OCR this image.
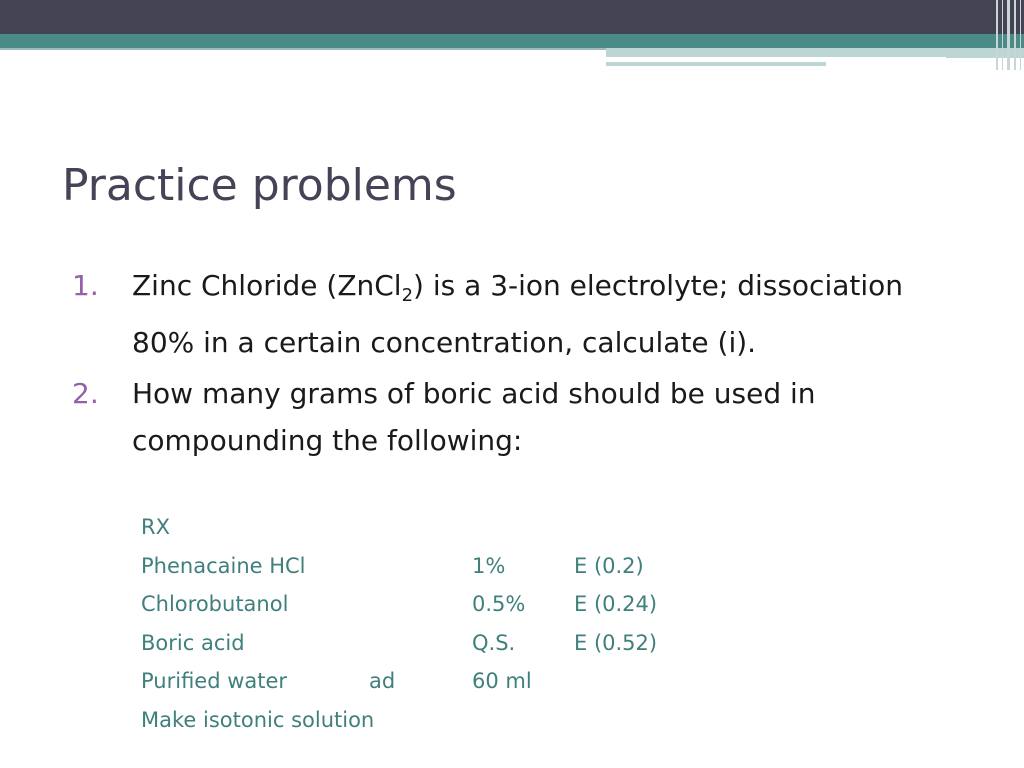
Practice problems
1. Zinc Chloride (ZnCl$_2$) is a 3-ion electrolyte; dissociation 80% in a certain concentration, calculate (i).
2. How many grams of boric acid should be used in compounding the following:
RX
Phenacaine HCl	1%	E (0.2)
Chlorobutanol	0.5% E (0.24)
Boric acid	Q.S.	E (0.52)
Purified water	ad	60 ml
Make isotonic solution
